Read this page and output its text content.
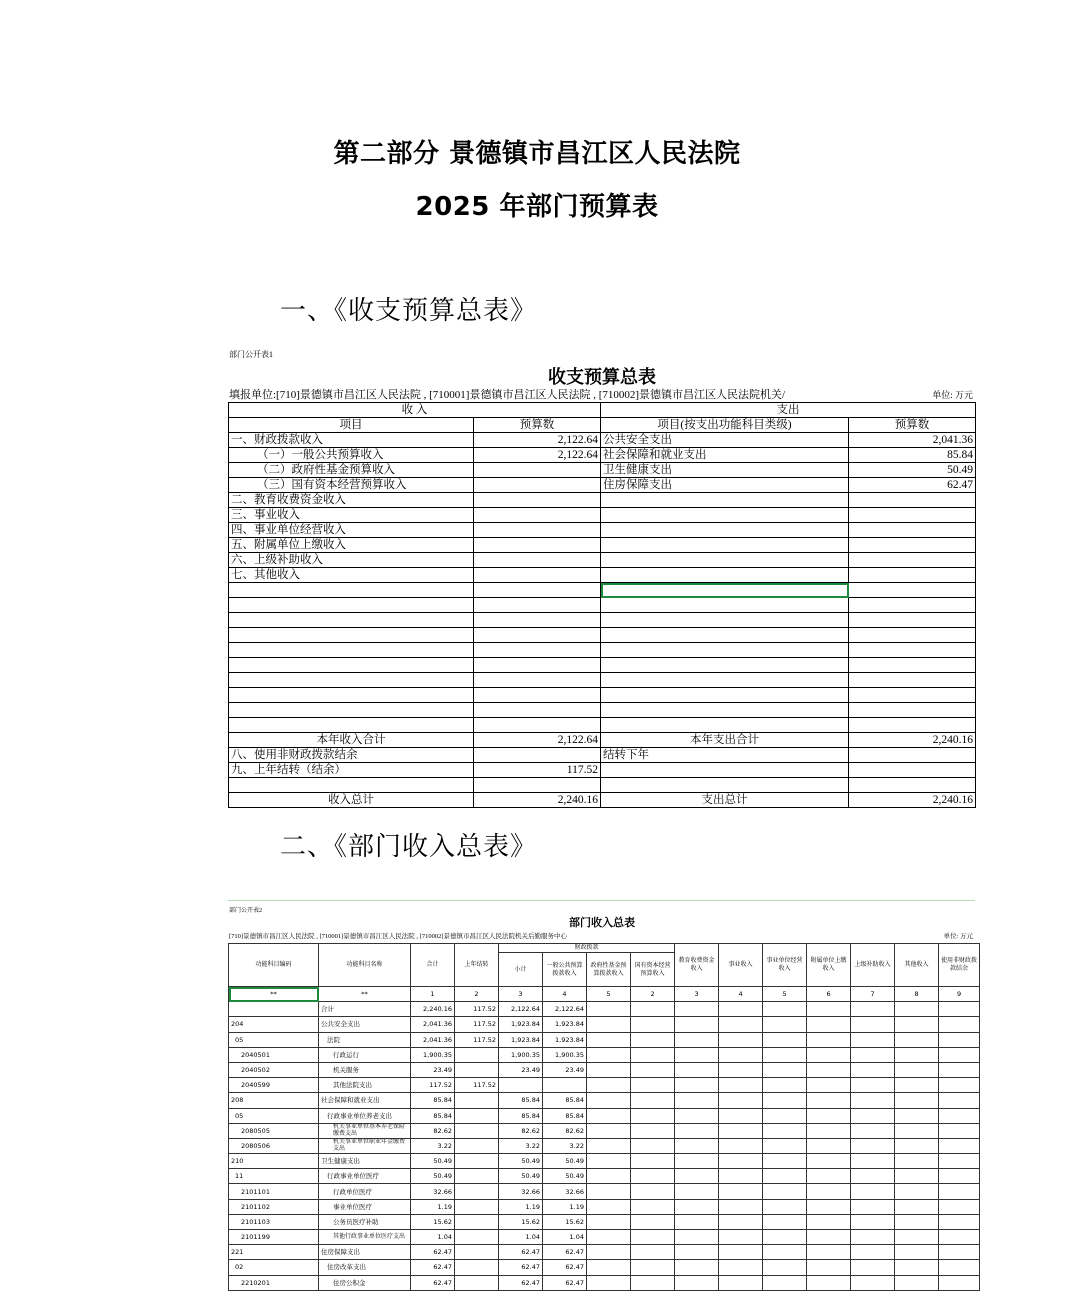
第二部分 景德镇市昌江区人民法院
2025 年部门预算表
一、《收支预算总表》
部门公开表1
收支预算总表
填报单位:[710]景德镇市昌江区人民法院 , [710001]景德镇市昌江区人民法院 , [710002]景德镇市昌江区人民法院机关/	单位: 万元
收 入		支出	
项目	预算数	项目(按支出功能科目类级)	预算数
一、财政拨款收入	2,122.64	公共安全支出	2,041.36
（一）一般公共预算收入	2,122.64	社会保障和就业支出	85.84
（二）政府性基金预算收入		卫生健康支出	50.49
（三）国有资本经营预算收入		住房保障支出	62.47
二、教育收费资金收入			
三、事业收入			
四、事业单位经营收入			
五、附属单位上缴收入			
六、上级补助收入			
七、其他收入			

本年收入合计	2,122.64	本年支出合计	2,240.16
八、使用非财政拨款结余		结转下年	
九、上年结转（结余）	117.52		

收入总计	2,240.16	支出总计	2,240.16
二、《部门收入总表》
部门公开表2
部门收入总表
[710]景德镇市昌江区人民法院 , [710001]景德镇市昌江区人民法院 , [710002]景德镇市昌江区人民法院机关后勤服务中心	单位: 万元
功能科目编码	功能科目名称	合计	上年结转	财政拨款				教育收费资金收入	事业收入	事业单位经营收入	附属单位上缴收入	上级补助收入	其他收入	使用非财政拨款结余
				小计	一般公共预算拨款收入	政府性基金预算拨款收入	国有资本经营预算收入							
**	**	1	2	3	4	5	2	3	4	5	6	7	8	9
	合计	2,240.16	117.52	2,122.64	2,122.64									
204	公共安全支出	2,041.36	117.52	1,923.84	1,923.84									
05	法院	2,041.36	117.52	1,923.84	1,923.84									
2040501	行政运行	1,900.35		1,900.35	1,900.35									
2040502	机关服务	23.49		23.49	23.49									
2040599	其他法院支出	117.52	117.52											
208	社会保障和就业支出	85.84		85.84	85.84									
05	行政事业单位养老支出	85.84		85.84	85.84									
2080505	机关事业单位基本养老保险缴费支出	82.62		82.62	82.62									
2080506	机关事业单位职业年金缴费支出	3.22		3.22	3.22									
210	卫生健康支出	50.49		50.49	50.49									
11	行政事业单位医疗	50.49		50.49	50.49									
2101101	行政单位医疗	32.66		32.66	32.66									
2101102	事业单位医疗	1.19		1.19	1.19									
2101103	公务员医疗补助	15.62		15.62	15.62									
2101199	其他行政事业单位医疗支出	1.04		1.04	1.04									
221	住房保障支出	62.47		62.47	62.47									
02	住房改革支出	62.47		62.47	62.47									
2210201	住房公积金	62.47		62.47	62.47									
